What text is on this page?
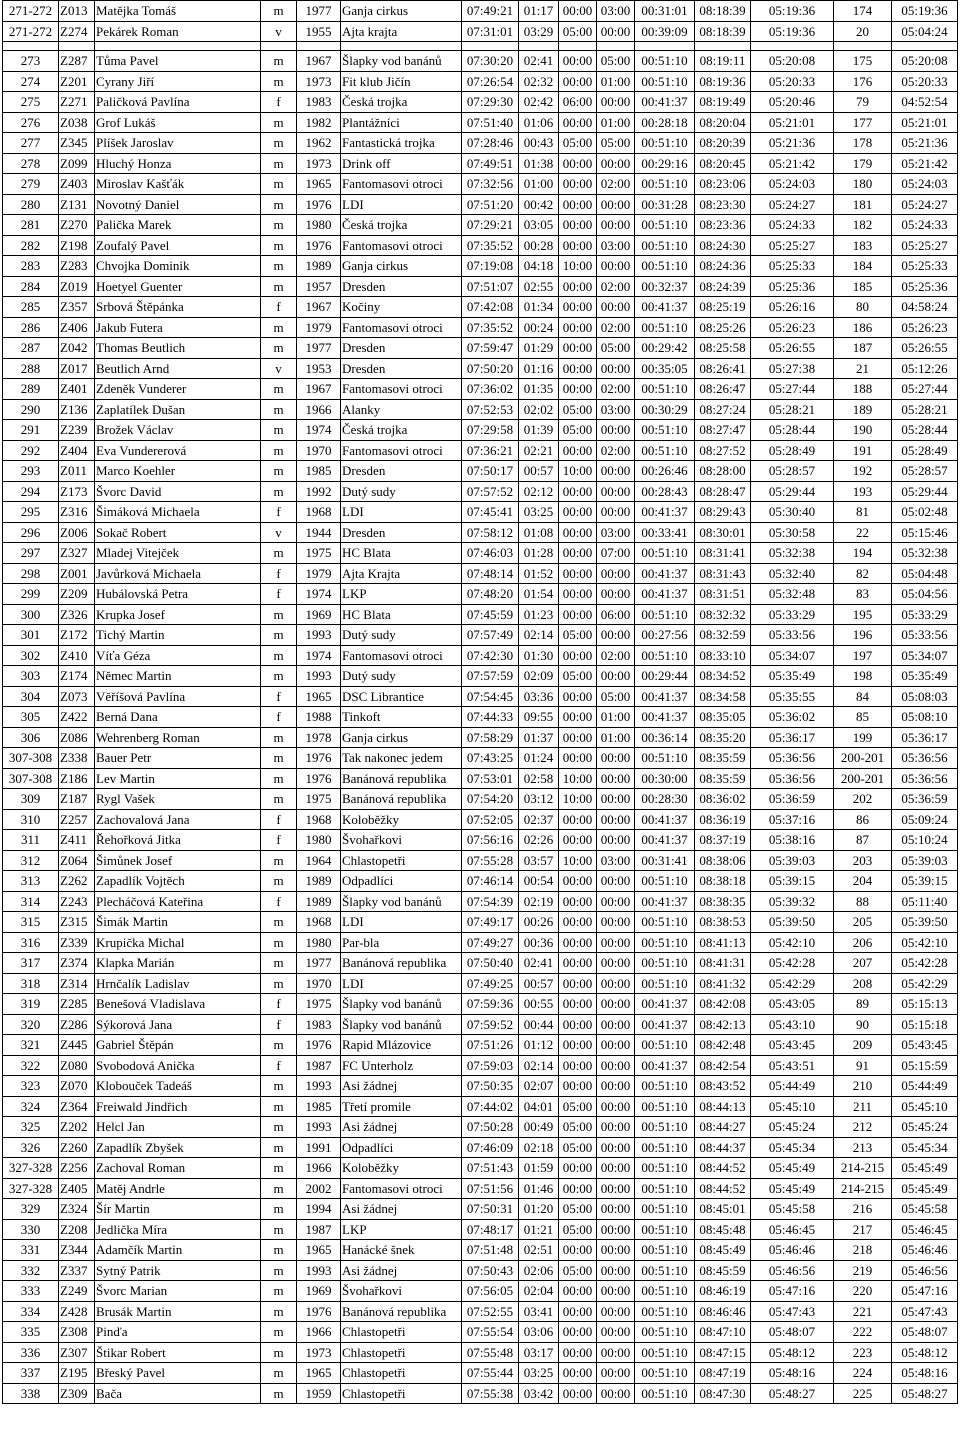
271-272	Z013	Matějka Tomáš	m	1977	Ganja cirkus	07:49:21	01:17	00:00	03:00	00:31:01	08:18:39	05:19:36	174	05:19:36
271-272	Z274	Pekárek Roman	v	1955	Ajta krajta	07:31:01	03:29	05:00	00:00	00:39:09	08:18:39	05:19:36	20	05:04:24

273	Z287	Tůma Pavel	m	1967	Šlapky vod banánů	07:30:20	02:41	00:00	05:00	00:51:10	08:19:11	05:20:08	175	05:20:08
274	Z201	Cyrany Jiří	m	1973	Fit klub Jičín	07:26:54	02:32	00:00	01:00	00:51:10	08:19:36	05:20:33	176	05:20:33
275	Z271	Paličková Pavlína	f	1983	Česká trojka	07:29:30	02:42	06:00	00:00	00:41:37	08:19:49	05:20:46	79	04:52:54
276	Z038	Grof Lukáš	m	1982	Plantážníci	07:51:40	01:06	00:00	01:00	00:28:18	08:20:04	05:21:01	177	05:21:01
277	Z345	Plíšek Jaroslav	m	1962	Fantastická trojka	07:28:46	00:43	05:00	05:00	00:51:10	08:20:39	05:21:36	178	05:21:36
278	Z099	Hluchý Honza	m	1973	Drink off	07:49:51	01:38	00:00	00:00	00:29:16	08:20:45	05:21:42	179	05:21:42
279	Z403	Miroslav Kašťák	m	1965	Fantomasovi otroci	07:32:56	01:00	00:00	02:00	00:51:10	08:23:06	05:24:03	180	05:24:03
280	Z131	Novotný Daniel	m	1976	LDI	07:51:20	00:42	00:00	00:00	00:31:28	08:23:30	05:24:27	181	05:24:27
281	Z270	Palička Marek	m	1980	Česká trojka	07:29:21	03:05	00:00	00:00	00:51:10	08:23:36	05:24:33	182	05:24:33
282	Z198	Zoufalý Pavel	m	1976	Fantomasovi otroci	07:35:52	00:28	00:00	03:00	00:51:10	08:24:30	05:25:27	183	05:25:27
283	Z283	Chvojka Dominik	m	1989	Ganja cirkus	07:19:08	04:18	10:00	00:00	00:51:10	08:24:36	05:25:33	184	05:25:33
284	Z019	Hoetyel Guenter	m	1957	Dresden	07:51:07	02:55	00:00	02:00	00:32:37	08:24:39	05:25:36	185	05:25:36
285	Z357	Srbová Štěpánka	f	1967	Kočiny	07:42:08	01:34	00:00	00:00	00:41:37	08:25:19	05:26:16	80	04:58:24
286	Z406	Jakub Futera	m	1979	Fantomasovi otroci	07:35:52	00:24	00:00	02:00	00:51:10	08:25:26	05:26:23	186	05:26:23
287	Z042	Thomas Beutlich	m	1977	Dresden	07:59:47	01:29	00:00	05:00	00:29:42	08:25:58	05:26:55	187	05:26:55
288	Z017	Beutlich Arnd	v	1953	Dresden	07:50:20	01:16	00:00	00:00	00:35:05	08:26:41	05:27:38	21	05:12:26
289	Z401	Zdeněk Vunderer	m	1967	Fantomasovi otroci	07:36:02	01:35	00:00	02:00	00:51:10	08:26:47	05:27:44	188	05:27:44
290	Z136	Zaplatílek Dušan	m	1966	Alanky	07:52:53	02:02	05:00	03:00	00:30:29	08:27:24	05:28:21	189	05:28:21
291	Z239	Brožek Václav	m	1974	Česká trojka	07:29:58	01:39	05:00	00:00	00:51:10	08:27:47	05:28:44	190	05:28:44
292	Z404	Eva Vundererová	m	1970	Fantomasovi otroci	07:36:21	02:21	00:00	02:00	00:51:10	08:27:52	05:28:49	191	05:28:49
293	Z011	Marco Koehler	m	1985	Dresden	07:50:17	00:57	10:00	00:00	00:26:46	08:28:00	05:28:57	192	05:28:57
294	Z173	Švorc David	m	1992	Dutý sudy	07:57:52	02:12	00:00	00:00	00:28:43	08:28:47	05:29:44	193	05:29:44
295	Z316	Šimáková Michaela	f	1968	LDI	07:45:41	03:25	00:00	00:00	00:41:37	08:29:43	05:30:40	81	05:02:48
296	Z006	Sokač Robert	v	1944	Dresden	07:58:12	01:08	00:00	03:00	00:33:41	08:30:01	05:30:58	22	05:15:46
297	Z327	Mladej Vitejček	m	1975	HC Blata	07:46:03	01:28	00:00	07:00	00:51:10	08:31:41	05:32:38	194	05:32:38
298	Z001	Javůrková Michaela	f	1979	Ajta Krajta	07:48:14	01:52	00:00	00:00	00:41:37	08:31:43	05:32:40	82	05:04:48
299	Z209	Hubálovská Petra	f	1974	LKP	07:48:20	01:54	00:00	00:00	00:41:37	08:31:51	05:32:48	83	05:04:56
300	Z326	Krupka Josef	m	1969	HC Blata	07:45:59	01:23	00:00	06:00	00:51:10	08:32:32	05:33:29	195	05:33:29
301	Z172	Tichý Martin	m	1993	Dutý sudy	07:57:49	02:14	05:00	00:00	00:27:56	08:32:59	05:33:56	196	05:33:56
302	Z410	Víťa Géza	m	1974	Fantomasovi otroci	07:42:30	01:30	00:00	02:00	00:51:10	08:33:10	05:34:07	197	05:34:07
303	Z174	Němec Martin	m	1993	Dutý sudy	07:57:59	02:09	05:00	00:00	00:29:44	08:34:52	05:35:49	198	05:35:49
304	Z073	Věříšová Pavlína	f	1965	DSC Librantice	07:54:45	03:36	00:00	05:00	00:41:37	08:34:58	05:35:55	84	05:08:03
305	Z422	Berná Dana	f	1988	Tinkoft	07:44:33	09:55	00:00	01:00	00:41:37	08:35:05	05:36:02	85	05:08:10
306	Z086	Wehrenberg Roman	m	1978	Ganja cirkus	07:58:29	01:37	00:00	01:00	00:36:14	08:35:20	05:36:17	199	05:36:17
307-308	Z338	Bauer Petr	m	1976	Tak nakonec jedem	07:43:25	01:24	00:00	00:00	00:51:10	08:35:59	05:36:56	200-201	05:36:56
307-308	Z186	Lev Martin	m	1976	Banánová republika	07:53:01	02:58	10:00	00:00	00:30:00	08:35:59	05:36:56	200-201	05:36:56
309	Z187	Rygl Vašek	m	1975	Banánová republika	07:54:20	03:12	10:00	00:00	00:28:30	08:36:02	05:36:59	202	05:36:59
310	Z257	Zachovalová Jana	f	1968	Koloběžky	07:52:05	02:37	00:00	00:00	00:41:37	08:36:19	05:37:16	86	05:09:24
311	Z411	Řehořková Jitka	f	1980	Švohařkovi	07:56:16	02:26	00:00	00:00	00:41:37	08:37:19	05:38:16	87	05:10:24
312	Z064	Šimůnek Josef	m	1964	Chlastopetři	07:55:28	03:57	10:00	03:00	00:31:41	08:38:06	05:39:03	203	05:39:03
313	Z262	Zapadlík Vojtěch	m	1989	Odpadlíci	07:46:14	00:54	00:00	00:00	00:51:10	08:38:18	05:39:15	204	05:39:15
314	Z243	Plecháčová Kateřina	f	1989	Šlapky vod banánů	07:54:39	02:19	00:00	00:00	00:41:37	08:38:35	05:39:32	88	05:11:40
315	Z315	Šimák Martin	m	1968	LDI	07:49:17	00:26	00:00	00:00	00:51:10	08:38:53	05:39:50	205	05:39:50
316	Z339	Krupička Michal	m	1980	Par-bla	07:49:27	00:36	00:00	00:00	00:51:10	08:41:13	05:42:10	206	05:42:10
317	Z374	Klapka Marián	m	1977	Banánová republika	07:50:40	02:41	00:00	00:00	00:51:10	08:41:31	05:42:28	207	05:42:28
318	Z314	Hrnčalík Ladislav	m	1970	LDI	07:49:25	00:57	00:00	00:00	00:51:10	08:41:32	05:42:29	208	05:42:29
319	Z285	Benešová Vladislava	f	1975	Šlapky vod banánů	07:59:36	00:55	00:00	00:00	00:41:37	08:42:08	05:43:05	89	05:15:13
320	Z286	Sýkorová Jana	f	1983	Šlapky vod banánů	07:59:52	00:44	00:00	00:00	00:41:37	08:42:13	05:43:10	90	05:15:18
321	Z445	Gabriel Štěpán	m	1976	Rapid Mlázovice	07:51:26	01:12	00:00	00:00	00:51:10	08:42:48	05:43:45	209	05:43:45
322	Z080	Svobodová Anička	f	1987	FC Unterholz	07:59:03	02:14	00:00	00:00	00:41:37	08:42:54	05:43:51	91	05:15:59
323	Z070	Klobouček Tadeáš	m	1993	Asi žádnej	07:50:35	02:07	00:00	00:00	00:51:10	08:43:52	05:44:49	210	05:44:49
324	Z364	Freiwald Jindřich	m	1985	Třetí promile	07:44:02	04:01	05:00	00:00	00:51:10	08:44:13	05:45:10	211	05:45:10
325	Z202	Helcl Jan	m	1993	Asi žádnej	07:50:28	00:49	05:00	00:00	00:51:10	08:44:27	05:45:24	212	05:45:24
326	Z260	Zapadlík Zbyšek	m	1991	Odpadlíci	07:46:09	02:18	05:00	00:00	00:51:10	08:44:37	05:45:34	213	05:45:34
327-328	Z256	Zachoval Roman	m	1966	Koloběžky	07:51:43	01:59	00:00	00:00	00:51:10	08:44:52	05:45:49	214-215	05:45:49
327-328	Z405	Matěj Andrle	m	2002	Fantomasovi otroci	07:51:56	01:46	00:00	00:00	00:51:10	08:44:52	05:45:49	214-215	05:45:49
329	Z324	Šír Martin	m	1994	Asi žádnej	07:50:31	01:20	05:00	00:00	00:51:10	08:45:01	05:45:58	216	05:45:58
330	Z208	Jedlička Míra	m	1987	LKP	07:48:17	01:21	05:00	00:00	00:51:10	08:45:48	05:46:45	217	05:46:45
331	Z344	Adamčík Martin	m	1965	Hanácké šnek	07:51:48	02:51	00:00	00:00	00:51:10	08:45:49	05:46:46	218	05:46:46
332	Z337	Sytný Patrik	m	1993	Asi žádnej	07:50:43	02:06	05:00	00:00	00:51:10	08:45:59	05:46:56	219	05:46:56
333	Z249	Švorc Marian	m	1969	Švohařkovi	07:56:05	02:04	00:00	00:00	00:51:10	08:46:19	05:47:16	220	05:47:16
334	Z428	Brusák Martin	m	1976	Banánová republika	07:52:55	03:41	00:00	00:00	00:51:10	08:46:46	05:47:43	221	05:47:43
335	Z308	Pinďa	m	1966	Chlastopetři	07:55:54	03:06	00:00	00:00	00:51:10	08:47:10	05:48:07	222	05:48:07
336	Z307	Štikar Robert	m	1973	Chlastopetři	07:55:48	03:17	00:00	00:00	00:51:10	08:47:15	05:48:12	223	05:48:12
337	Z195	Břeský Pavel	m	1965	Chlastopetři	07:55:44	03:25	00:00	00:00	00:51:10	08:47:19	05:48:16	224	05:48:16
338	Z309	Bača	m	1959	Chlastopetři	07:55:38	03:42	00:00	00:00	00:51:10	08:47:30	05:48:27	225	05:48:27
